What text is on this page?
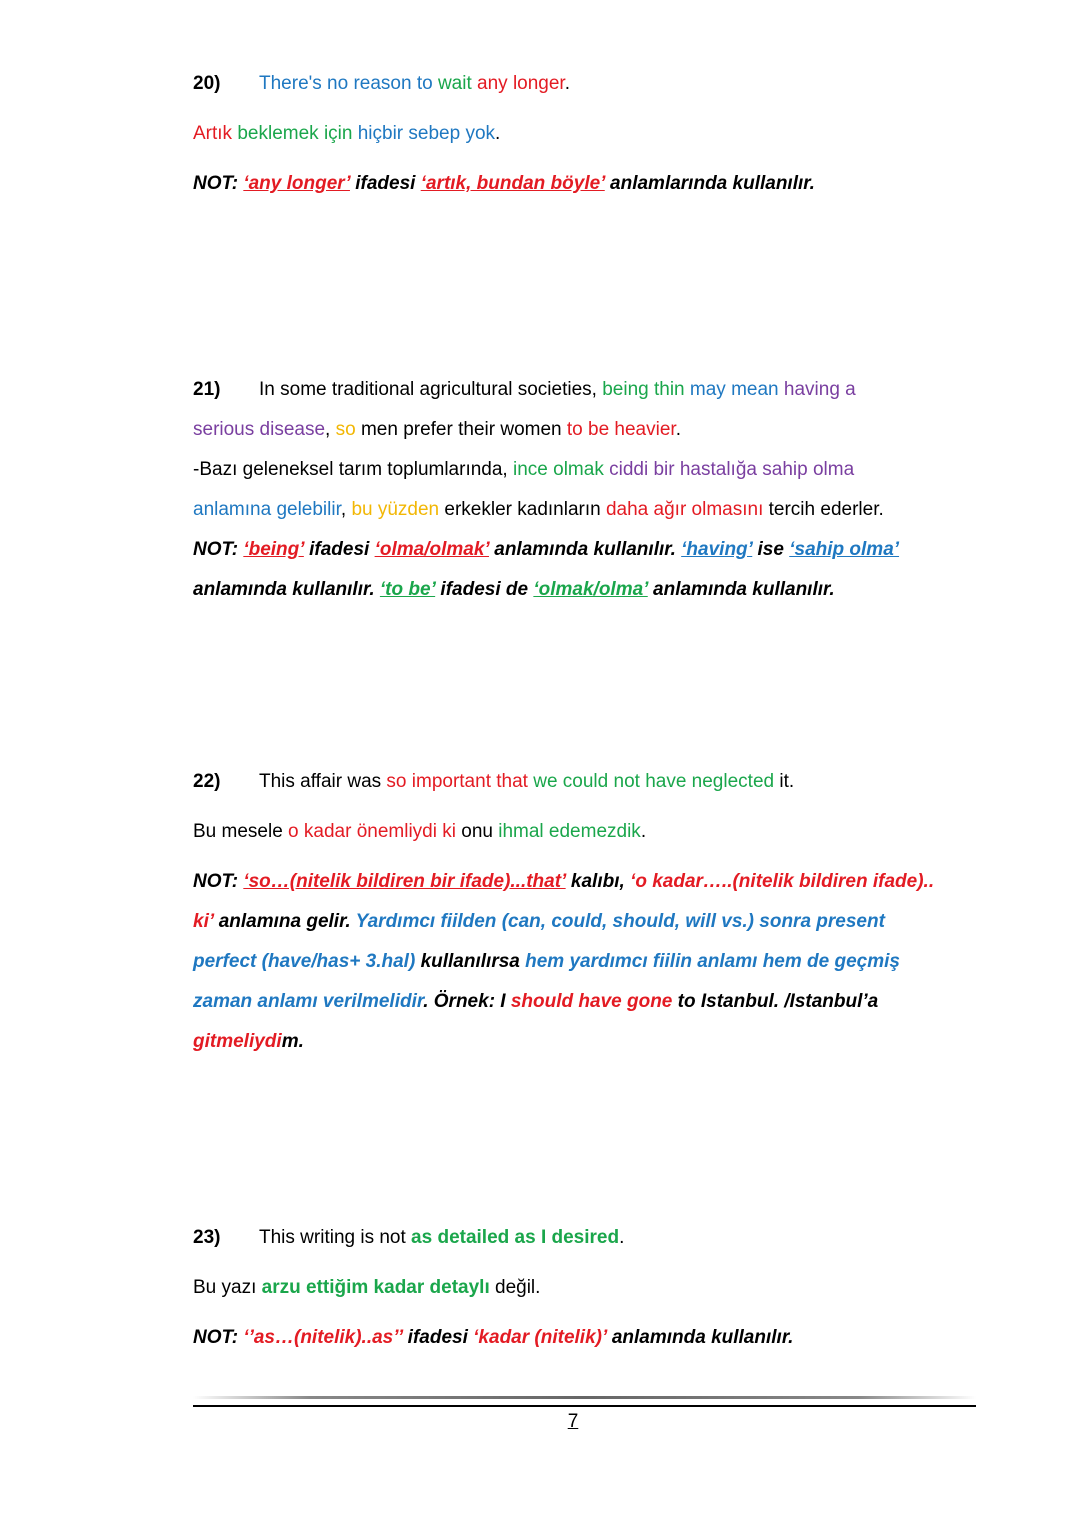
20) There's no reason to wait any longer.
Artık beklemek için hiçbir sebep yok.
NOT: ‘any longer’ ifadesi ‘artık, bundan böyle’ anlamlarında kullanılır.
21) In some traditional agricultural societies, being thin may mean having a
serious disease, so men prefer their women to be heavier.
-Bazı geleneksel tarım toplumlarında, ince olmak ciddi bir hastalığa sahip olma
anlamına gelebilir, bu yüzden erkekler kadınların daha ağır olmasını tercih ederler.
NOT: ‘being’ ifadesi ‘olma/olmak’ anlamında kullanılır. ‘having’ ise ‘sahip olma’
anlamında kullanılır. ‘to be’ ifadesi de ‘olmak/olma’ anlamında kullanılır.
22) This affair was so important that we could not have neglected it.
Bu mesele o kadar önemliydi ki onu ihmal edemezdik.
NOT: ‘so…(nitelik bildiren bir ifade)...that’ kalıbı, ‘o kadar…..(nitelik bildiren ifade)..
ki’ anlamına gelir. Yardımcı fiilden (can, could, should, will vs.) sonra present
perfect (have/has+ 3.hal) kullanılırsa hem yardımcı fiilin anlamı hem de geçmiş
zaman anlamı verilmelidir. Örnek: I should have gone to Istanbul. /Istanbul’a
gitmeliydim.
23) This writing is not as detailed as I desired.
Bu yazı arzu ettiğim kadar detaylı değil.
NOT: ‘’as…(nitelik)..as’’ ifadesi ‘kadar (nitelik)’ anlamında kullanılır.
7
